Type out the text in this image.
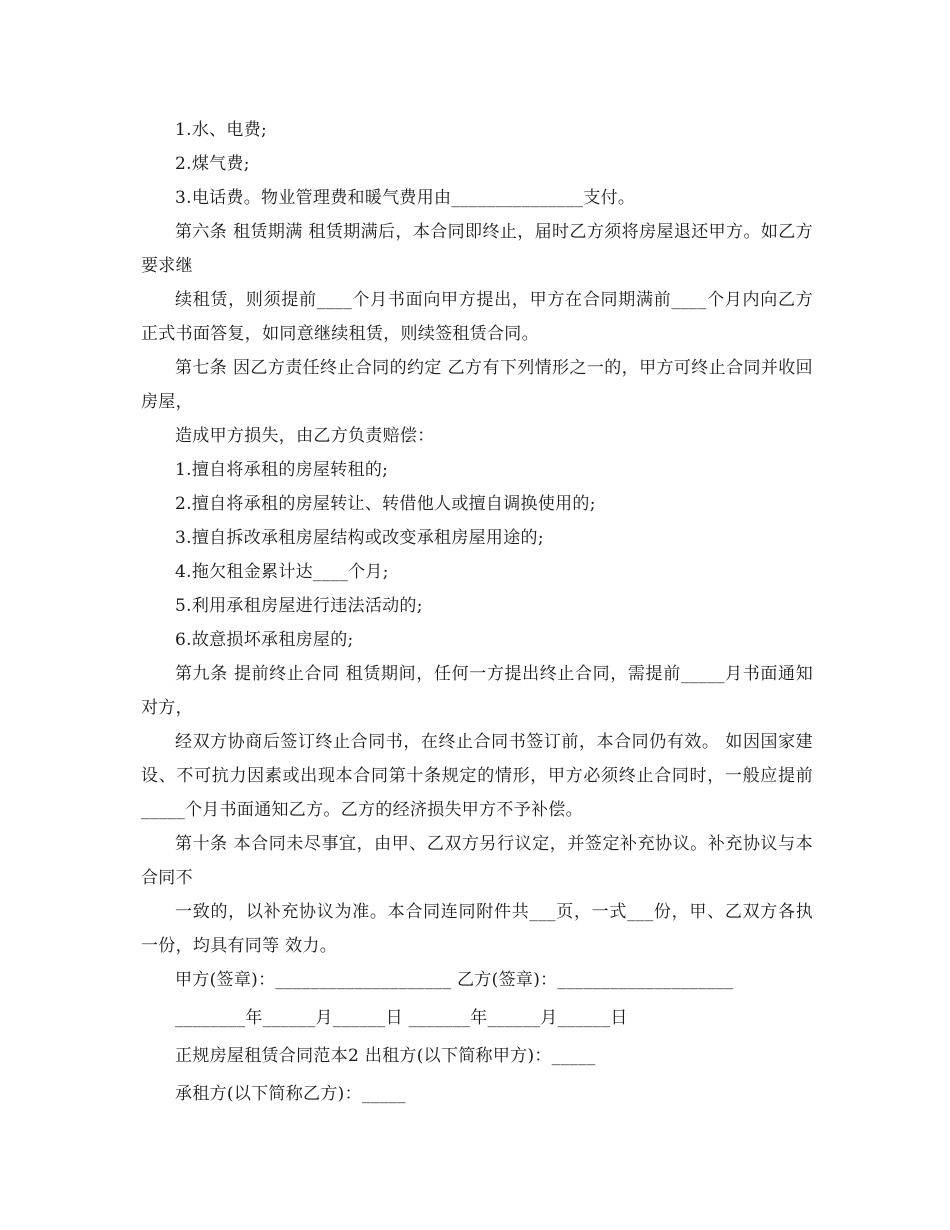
1.水、电费;

2.煤气费;

3.电话费。物业管理费和暖气费用由_______________支付。

第六条 租赁期满 租赁期满后，本合同即终止，届时乙方须将房屋退还甲方。如乙方要求继

续租赁，则须提前____个月书面向甲方提出，甲方在合同期满前____个月内向乙方正式书面答复，如同意继续租赁，则续签租赁合同。

第七条 因乙方责任终止合同的约定 乙方有下列情形之一的，甲方可终止合同并收回房屋，

造成甲方损失，由乙方负责赔偿：

1.擅自将承租的房屋转租的;

2.擅自将承租的房屋转让、转借他人或擅自调换使用的;

3.擅自拆改承租房屋结构或改变承租房屋用途的;

4.拖欠租金累计达____个月;

5.利用承租房屋进行违法活动的;

6.故意损坏承租房屋的;

第九条 提前终止合同 租赁期间，任何一方提出终止合同，需提前_____月书面通知对方，

经双方协商后签订终止合同书，在终止合同书签订前，本合同仍有效。 如因国家建设、不可抗力因素或出现本合同第十条规定的情形，甲方必须终止合同时，一般应提前_____个月书面通知乙方。乙方的经济损失甲方不予补偿。

第十条 本合同未尽事宜，由甲、乙双方另行议定，并签定补充协议。补充协议与本合同不

一致的，以补充协议为准。本合同连同附件共___页，一式___份，甲、乙双方各执一份，均具有同等 效力。

甲方(签章)：____________________ 乙方(签章)：____________________

________年______月______日 _______年______月______日

正规房屋租赁合同范本2 出租方(以下简称甲方)：_____

承租方(以下简称乙方)：_____
